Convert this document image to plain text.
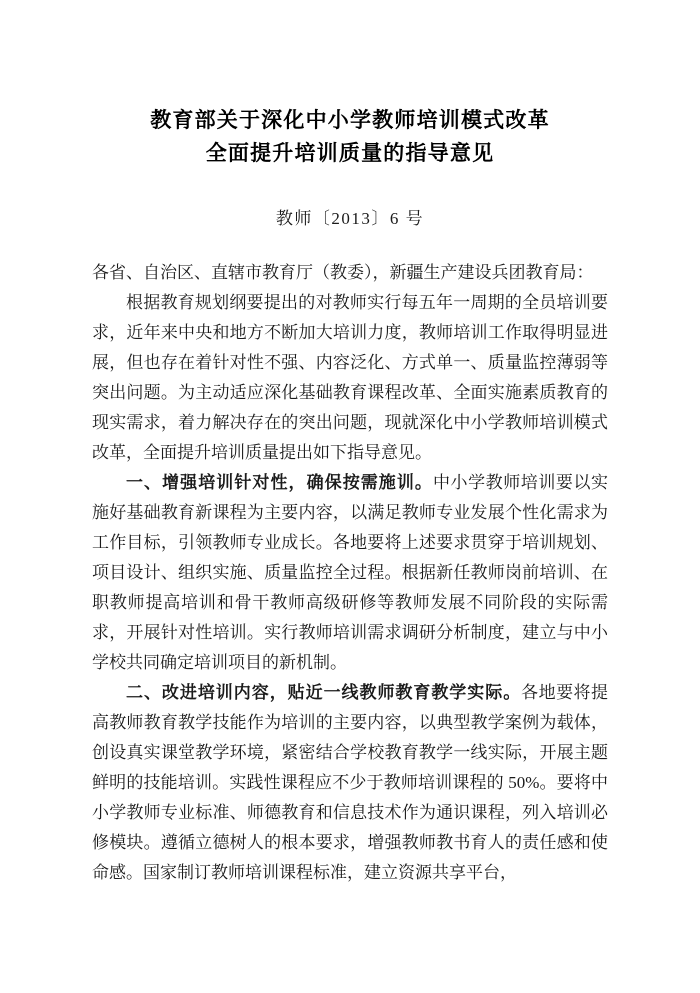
教育部关于深化中小学教师培训模式改革
全面提升培训质量的指导意见
教师〔2013〕6 号

各省、自治区、直辖市教育厅（教委），新疆生产建设兵团教育局：

根据教育规划纲要提出的对教师实行每五年一周期的全员培训要求，近年来中央和地方不断加大培训力度，教师培训工作取得明显进展，但也存在着针对性不强、内容泛化、方式单一、质量监控薄弱等突出问题。为主动适应深化基础教育课程改革、全面实施素质教育的现实需求，着力解决存在的突出问题，现就深化中小学教师培训模式改革，全面提升培训质量提出如下指导意见。

一、增强培训针对性，确保按需施训。中小学教师培训要以实施好基础教育新课程为主要内容，以满足教师专业发展个性化需求为工作目标，引领教师专业成长。各地要将上述要求贯穿于培训规划、项目设计、组织实施、质量监控全过程。根据新任教师岗前培训、在职教师提高培训和骨干教师高级研修等教师发展不同阶段的实际需求，开展针对性培训。实行教师培训需求调研分析制度，建立与中小学校共同确定培训项目的新机制。

二、改进培训内容，贴近一线教师教育教学实际。各地要将提高教师教育教学技能作为培训的主要内容，以典型教学案例为载体，创设真实课堂教学环境，紧密结合学校教育教学一线实际，开展主题鲜明的技能培训。实践性课程应不少于教师培训课程的 50%。要将中小学教师专业标准、师德教育和信息技术作为通识课程，列入培训必修模块。遵循立德树人的根本要求，增强教师教书育人的责任感和使命感。国家制订教师培训课程标准，建立资源共享平台，
